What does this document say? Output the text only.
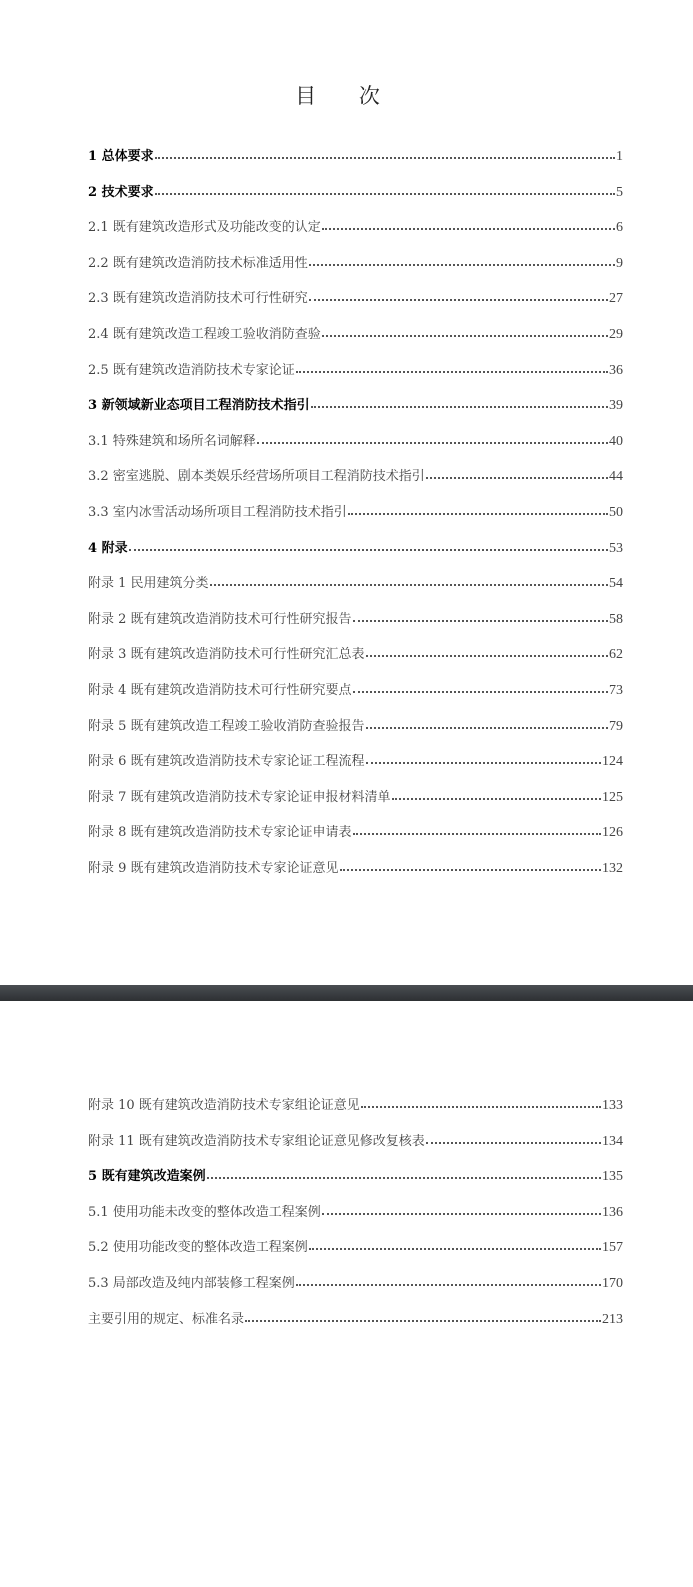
目 次
1 总体要求	1
2 技术要求	5
2.1 既有建筑改造形式及功能改变的认定	6
2.2 既有建筑改造消防技术标准适用性	9
2.3 既有建筑改造消防技术可行性研究	27
2.4 既有建筑改造工程竣工验收消防查验	29
2.5 既有建筑改造消防技术专家论证	36
3 新领域新业态项目工程消防技术指引	39
3.1 特殊建筑和场所名词解释	40
3.2 密室逃脱、剧本类娱乐经营场所项目工程消防技术指引	44
3.3 室内冰雪活动场所项目工程消防技术指引	50
4 附录	53
附录 1 民用建筑分类	54
附录 2 既有建筑改造消防技术可行性研究报告	58
附录 3 既有建筑改造消防技术可行性研究汇总表	62
附录 4 既有建筑改造消防技术可行性研究要点	73
附录 5 既有建筑改造工程竣工验收消防查验报告	79
附录 6 既有建筑改造消防技术专家论证工程流程	124
附录 7 既有建筑改造消防技术专家论证申报材料清单	125
附录 8 既有建筑改造消防技术专家论证申请表	126
附录 9 既有建筑改造消防技术专家论证意见	132
附录 10 既有建筑改造消防技术专家组论证意见	133
附录 11 既有建筑改造消防技术专家组论证意见修改复核表	134
5 既有建筑改造案例	135
5.1 使用功能未改变的整体改造工程案例	136
5.2 使用功能改变的整体改造工程案例	157
5.3 局部改造及纯内部装修工程案例	170
主要引用的规定、标准名录	213
